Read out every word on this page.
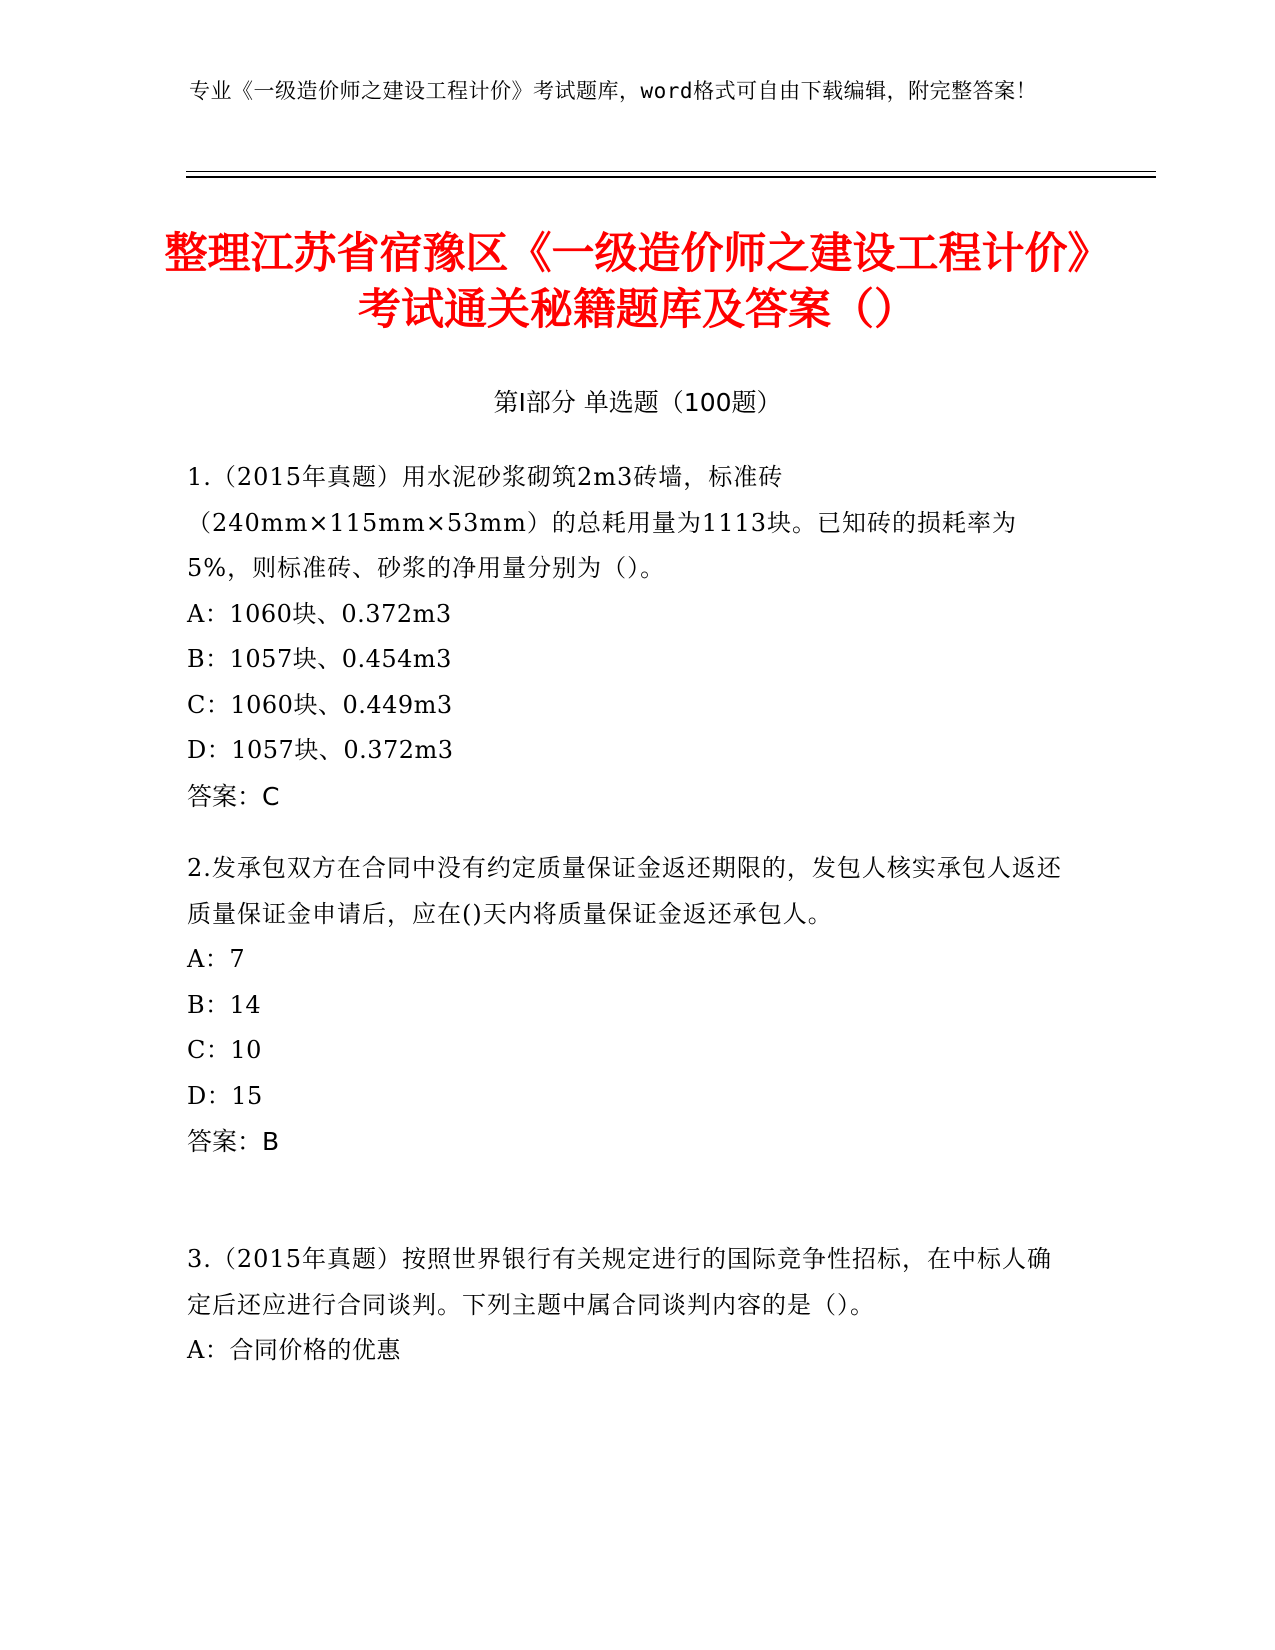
专业《一级造价师之建设工程计价》考试题库，word格式可自由下载编辑，附完整答案！
整理江苏省宿豫区《一级造价师之建设工程计价》考试通关秘籍题库及答案（）
第Ⅰ部分 单选题（100题）

1.（2015年真题）用水泥砂浆砌筑2m3砖墙，标准砖（240mm×115mm×53mm）的总耗用量为1113块。已知砖的损耗率为5%，则标准砖、砂浆的净用量分别为（）。

A：1060块、0.372m3

B：1057块、0.454m3

C：1060块、0.449m3

D：1057块、0.372m3

答案：C

2.发承包双方在合同中没有约定质量保证金返还期限的，发包人核实承包人返还质量保证金申请后，应在()天内将质量保证金返还承包人。

A：7

B：14

C：10

D：15

答案：B

3.（2015年真题）按照世界银行有关规定进行的国际竞争性招标，在中标人确定后还应进行合同谈判。下列主题中属合同谈判内容的是（）。

A：合同价格的优惠
